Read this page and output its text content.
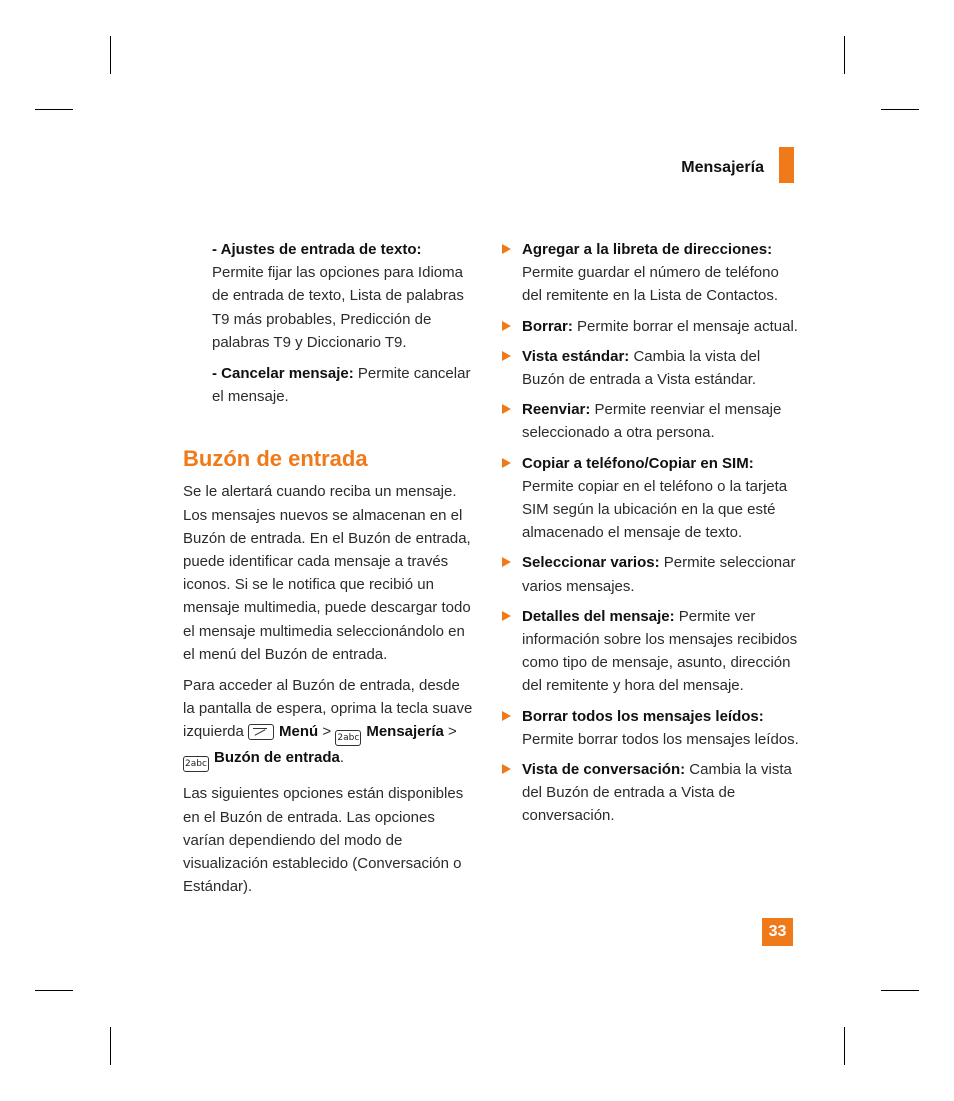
Mensajería
- Ajustes de entrada de texto: Permite fijar las opciones para Idioma de entrada de texto, Lista de palabras T9 más probables, Predicción de palabras T9 y Diccionario T9.
- Cancelar mensaje: Permite cancelar el mensaje.
Buzón de entrada

Se le alertará cuando reciba un mensaje. Los mensajes nuevos se almacenan en el Buzón de entrada. En el Buzón de entrada, puede identificar cada mensaje a través iconos. Si se le notifica que recibió un mensaje multimedia, puede descargar todo el mensaje multimedia seleccionándolo en el menú del Buzón de entrada.

Para acceder al Buzón de entrada, desde la pantalla de espera, oprima la tecla suave izquierda Menú > 2abc Mensajería > 2abc Buzón de entrada.

Las siguientes opciones están disponibles en el Buzón de entrada. Las opciones varían dependiendo del modo de visualización establecido (Conversación o Estándar).

Agregar a la libreta de direcciones: Permite guardar el número de teléfono del remitente en la Lista de Contactos.
Borrar: Permite borrar el mensaje actual.
Vista estándar: Cambia la vista del Buzón de entrada a Vista estándar.
Reenviar: Permite reenviar el mensaje seleccionado a otra persona.
Copiar a teléfono/Copiar en SIM: Permite copiar en el teléfono o la tarjeta SIM según la ubicación en la que esté almacenado el mensaje de texto.
Seleccionar varios: Permite seleccionar varios mensajes.
Detalles del mensaje: Permite ver información sobre los mensajes recibidos como tipo de mensaje, asunto, dirección del remitente y hora del mensaje.
Borrar todos los mensajes leídos: Permite borrar todos los mensajes leídos.
Vista de conversación: Cambia la vista del Buzón de entrada a Vista de conversación.
33
